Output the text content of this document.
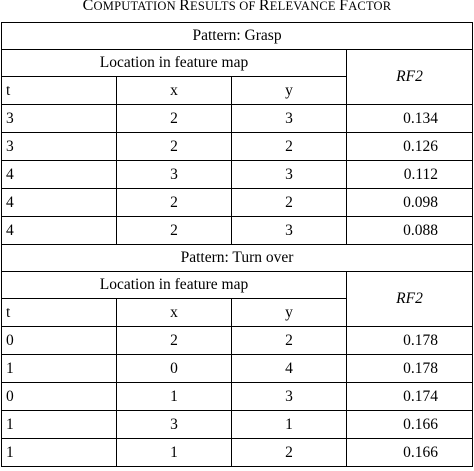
COMPUTATION RESULTS OF RELEVANCE FACTOR
Pattern: Grasp			
Location in feature map			RF2
t	x	y	
3	2	3	0.134
3	2	2	0.126
4	3	3	0.112
4	2	2	0.098
4	2	3	0.088
Pattern: Turn over			
Location in feature map			RF2
t	x	y	
0	2	2	0.178
1	0	4	0.178
0	1	3	0.174
1	3	1	0.166
1	1	2	0.166
